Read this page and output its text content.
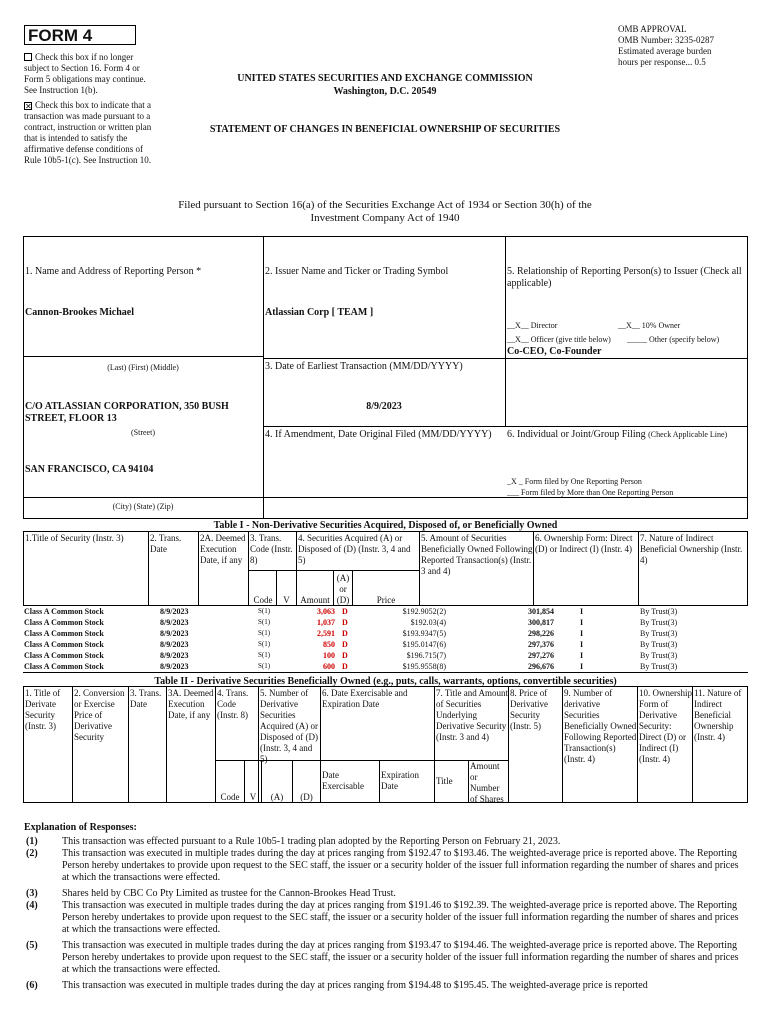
FORM 4
Check this box if no longer subject to Section 16. Form 4 or Form 5 obligations may continue. See Instruction 1(b).
✕ Check this box to indicate that a transaction was made pursuant to a contract, instruction or written plan that is intended to satisfy the affirmative defense conditions of Rule 10b5-1(c). See Instruction 10.
UNITED STATES SECURITIES AND EXCHANGE COMMISSION
Washington, D.C. 20549
OMB APPROVAL
OMB Number: 3235-0287
Estimated average burden
hours per response... 0.5
STATEMENT OF CHANGES IN BENEFICIAL OWNERSHIP OF SECURITIES
Filed pursuant to Section 16(a) of the Securities Exchange Act of 1934 or Section 30(h) of the
Investment Company Act of 1940
1. Name and Address of Reporting Person *
Cannon-Brookes Michael
(Last) (First) (Middle)
C/O ATLASSIAN CORPORATION, 350 BUSH STREET, FLOOR 13
(Street)
SAN FRANCISCO, CA 94104
(City) (State) (Zip)
2. Issuer Name and Ticker or Trading Symbol
Atlassian Corp [ TEAM ]
3. Date of Earliest Transaction (MM/DD/YYYY)
8/9/2023
4. If Amendment, Date Original Filed (MM/DD/YYYY)
5. Relationship of Reporting Person(s) to Issuer (Check all applicable)
__X__ Director	__X__ 10% Owner
__X__ Officer (give title below) _____ Other (specify below)
Co-CEO, Co-Founder
6. Individual or Joint/Group Filing (Check Applicable Line)
_X _ Form filed by One Reporting Person
___ Form filed by More than One Reporting Person
Table I - Non-Derivative Securities Acquired, Disposed of, or Beneficially Owned
1.Title of Security (Instr. 3)	2. Trans. Date
2A. Deemed Execution Date, if any
3. Trans. Code (Instr. 8)
4. Securities Acquired (A) or Disposed of (D) (Instr. 3, 4 and 5)
5. Amount of Securities Beneficially Owned Following Reported Transaction(s) (Instr. 3 and 4)
6. Ownership Form: Direct (D) or Indirect (I) (Instr. 4)
7. Nature of Indirect Beneficial Ownership (Instr. 4)
Code	V	Amount
(A) or (D)	Price
Class A Common Stock	8/9/2023	S(1)	3,063 D	$192.9052(2)	301,854	I	By Trust(3)
Class A Common Stock	8/9/2023	S(1)	1,037 D	$192.03(4)	300,817	I	By Trust(3)
Class A Common Stock	8/9/2023	S(1)	2,591 D	$193.9347(5)	298,226	I	By Trust(3)
Class A Common Stock	8/9/2023	S(1)	850 D	$195.0147(6)	297,376	I	By Trust(3)
Class A Common Stock	8/9/2023	S(1)	100 D	$196.715(7)	297,276	I	By Trust(3)
Class A Common Stock	8/9/2023	S(1)	600 D	$195.9558(8)	296,676	I	By Trust(3)
Table II - Derivative Securities Beneficially Owned (e.g., puts, calls, warrants, options, convertible securities)
1. Title of Derivate Security (Instr. 3)
2. Conversion or Exercise Price of Derivative Security
3. Trans. Date
3A. Deemed Execution Date, if any
4. Trans. Code (Instr. 8)
5. Number of Derivative Securities Acquired (A) or Disposed of (D) (Instr. 3, 4 and 5)
6. Date Exercisable and Expiration Date
7. Title and Amount of Securities Underlying Derivative Security (Instr. 3 and 4)
8. Price of Derivative Security (Instr. 5)
9. Number of derivative Securities Beneficially Owned Following Reported Transaction(s) (Instr. 4)
10. Ownership Form of Derivative Security: Direct (D) or Indirect (I) (Instr. 4)
11. Nature of Indirect Beneficial Ownership (Instr. 4)
Code	V	(A)	(D)
Date Exercisable
Expiration Date	Title
Amount or Number of Shares
Explanation of Responses:
(1) This transaction was effected pursuant to a Rule 10b5-1 trading plan adopted by the Reporting Person on February 21, 2023.
(2) This transaction was executed in multiple trades during the day at prices ranging from $192.47 to $193.46. The weighted-average price is reported above. The Reporting Person hereby undertakes to provide upon request to the SEC staff, the issuer or a security holder of the issuer full information regarding the number of shares and prices at which the transactions were effected.
(3) Shares held by CBC Co Pty Limited as trustee for the Cannon-Brookes Head Trust.
(4) This transaction was executed in multiple trades during the day at prices ranging from $191.46 to $192.39. The weighted-average price is reported above. The Reporting Person hereby undertakes to provide upon request to the SEC staff, the issuer or a security holder of the issuer full information regarding the number of shares and prices at which the transactions were effected.
(5) This transaction was executed in multiple trades during the day at prices ranging from $193.47 to $194.46. The weighted-average price is reported above. The Reporting Person hereby undertakes to provide upon request to the SEC staff, the issuer or a security holder of the issuer full information regarding the number of shares and prices at which the transactions were effected.
(6) This transaction was executed in multiple trades during the day at prices ranging from $194.48 to $195.45. The weighted-average price is reported
